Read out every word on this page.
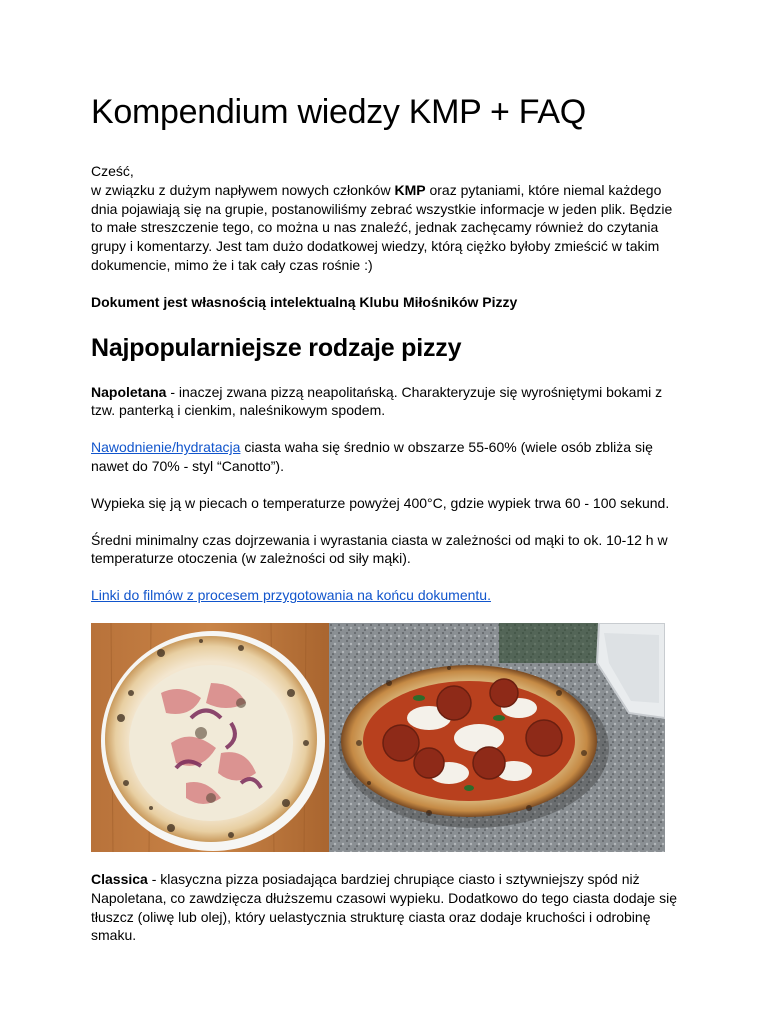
Kompendium wiedzy KMP + FAQ

Cześć,

w związku z dużym napływem nowych członków KMP oraz pytaniami, które niemal każdego dnia pojawiają się na grupie, postanowiliśmy zebrać wszystkie informacje w jeden plik. Będzie to małe streszczenie tego, co można u nas znaleźć, jednak zachęcamy również do czytania grupy i komentarzy. Jest tam dużo dodatkowej wiedzy, którą ciężko byłoby zmieścić w takim dokumencie, mimo że i tak cały czas rośnie :)

Dokument jest własnością intelektualną Klubu Miłośników Pizzy

Najpopularniejsze rodzaje pizzy

Napoletana - inaczej zwana pizzą neapolitańską. Charakteryzuje się wyrośniętymi bokami z tzw. panterką i cienkim, naleśnikowym spodem.

Nawodnienie/hydratacja ciasta waha się średnio w obszarze 55-60% (wiele osób zbliża się nawet do 70% - styl “Canotto”).

Wypieka się ją w piecach o temperaturze powyżej 400°C, gdzie wypiek trwa 60 - 100 sekund.

Średni minimalny czas dojrzewania i wyrastania ciasta w zależności od mąki to ok. 10-12 h w temperaturze otoczenia (w zależności od siły mąki).

Linki do filmów z procesem przygotowania na końcu dokumentu.

Classica - klasyczna pizza posiadająca bardziej chrupiące ciasto i sztywniejszy spód niż Napoletana, co zawdzięcza dłuższemu czasowi wypieku. Dodatkowo do tego ciasta dodaje się tłuszcz (oliwę lub olej), który uelastycznia strukturę ciasta oraz dodaje kruchości i odrobinę smaku.
